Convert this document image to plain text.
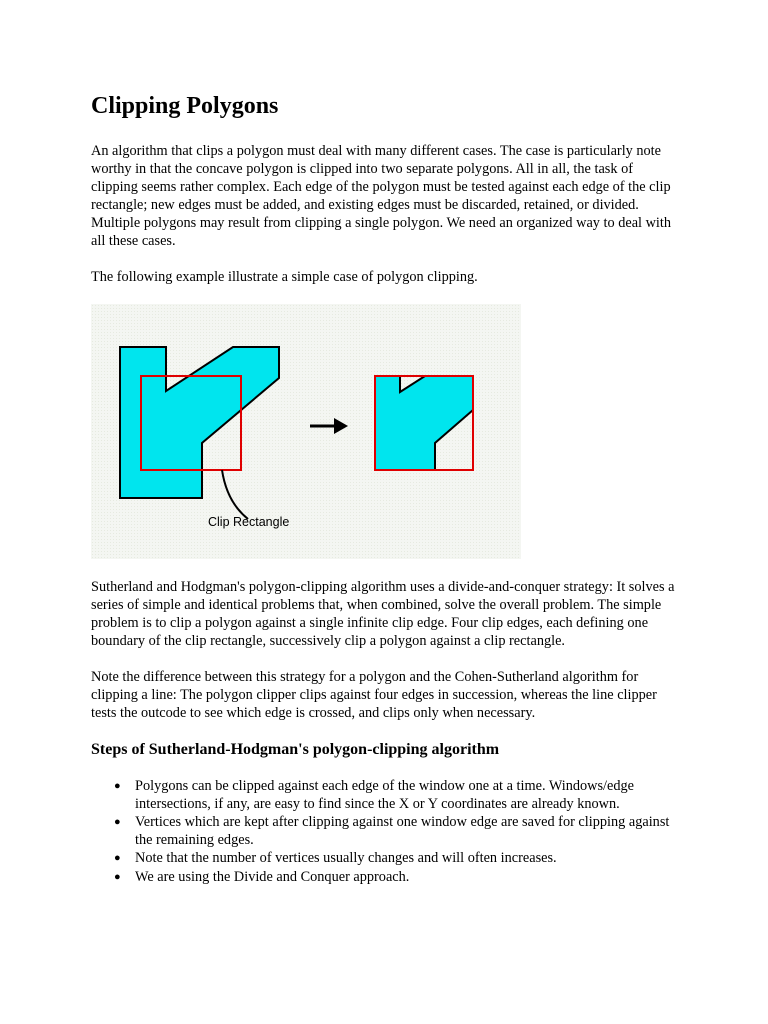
Clipping Polygons

An algorithm that clips a polygon must deal with many different cases. The case is particularly note worthy in that the concave polygon is clipped into two separate polygons. All in all, the task of clipping seems rather complex. Each edge of the polygon must be tested against each edge of the clip rectangle; new edges must be added, and existing edges must be discarded, retained, or divided. Multiple polygons may result from clipping a single polygon. We need an organized way to deal with all these cases.

The following example illustrate a simple case of polygon clipping.

Clip Rectangle

Sutherland and Hodgman's polygon-clipping algorithm uses a divide-and-conquer strategy: It solves a series of simple and identical problems that, when combined, solve the overall problem. The simple problem is to clip a polygon against a single infinite clip edge. Four clip edges, each defining one boundary of the clip rectangle, successively clip a polygon against a clip rectangle.

Note the difference between this strategy for a polygon and the Cohen-Sutherland algorithm for clipping a line: The polygon clipper clips against four edges in succession, whereas the line clipper tests the outcode to see which edge is crossed, and clips only when necessary.

Steps of Sutherland-Hodgman's polygon-clipping algorithm
● Polygons can be clipped against each edge of the window one at a time. Windows/edge intersections, if any, are easy to find since the X or Y coordinates are already known.
● Vertices which are kept after clipping against one window edge are saved for clipping against the remaining edges.
● Note that the number of vertices usually changes and will often increases.
● We are using the Divide and Conquer approach.
